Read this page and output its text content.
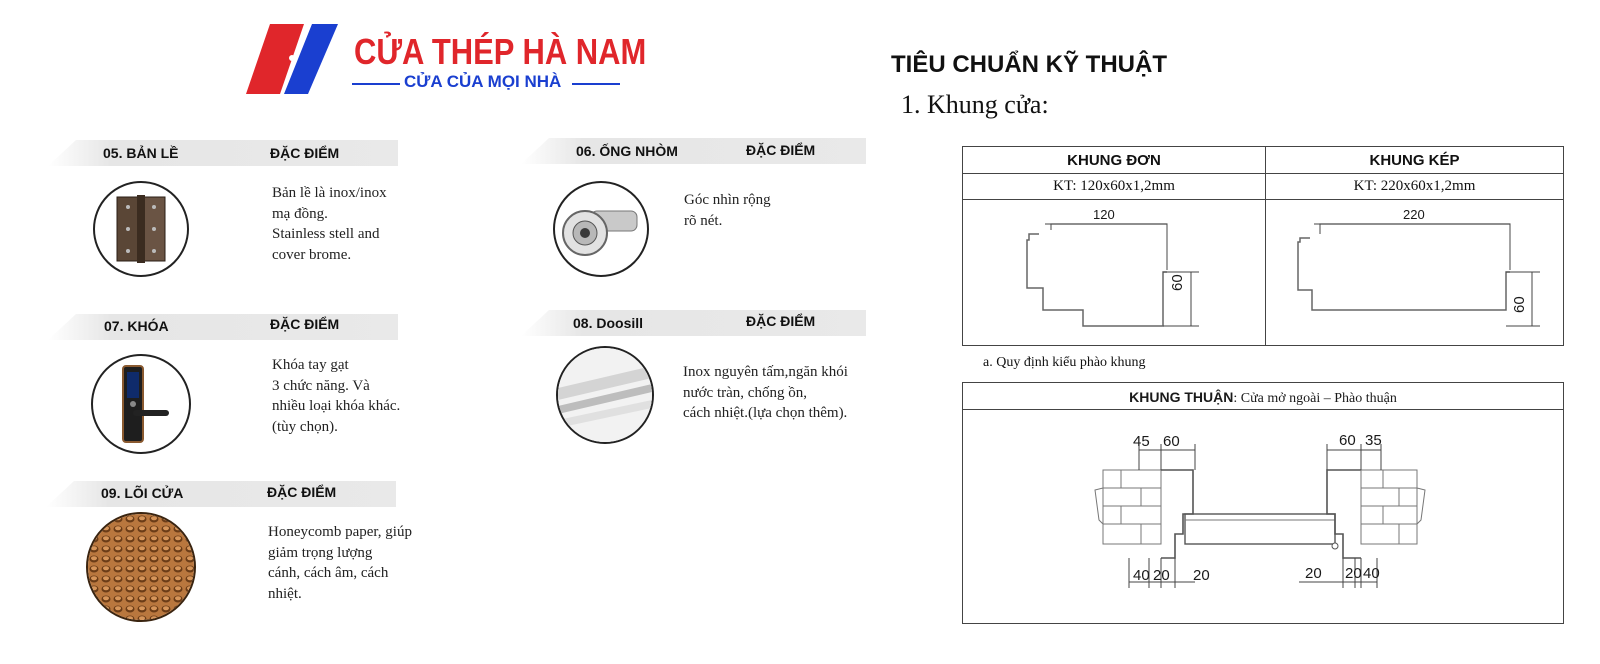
CỬA THÉP HÀ NAM
CỬA CỦA MỌI NHÀ
05. BẢN LỀ	ĐẶC ĐIỂM
Bản lề là inox/inox
mạ đồng.
Stainless stell and
cover brome.
06. ỐNG NHÒM	ĐẶC ĐIỂM
Góc nhìn rộng
rõ nét.
07. KHÓA	ĐẶC ĐIỂM
Khóa tay gạt
3 chức năng. Và
nhiều loại khóa khác.
(tùy chọn).
08. Doosill	ĐẶC ĐIỂM
Inox nguyên tấm,ngăn khói
nước tràn, chống ồn,
cách nhiệt.(lựa chọn thêm).
09. LÕI CỬA	ĐẶC ĐIỂM
Honeycomb paper, giúp
giảm trọng lượng
cánh, cách âm, cách
nhiệt.
TIÊU CHUẨN KỸ THUẬT
1. Khung cửa:
KHUNG ĐƠN	KHUNG KÉP
KT: 120x60x1,2mm	KT: 220x60x1,2mm
120
60
220
60
a. Quy định kiểu phào khung
KHUNG THUẬN: Cửa mở ngoài – Phào thuận
45 60	60 35
40 20 20	20 20 40
